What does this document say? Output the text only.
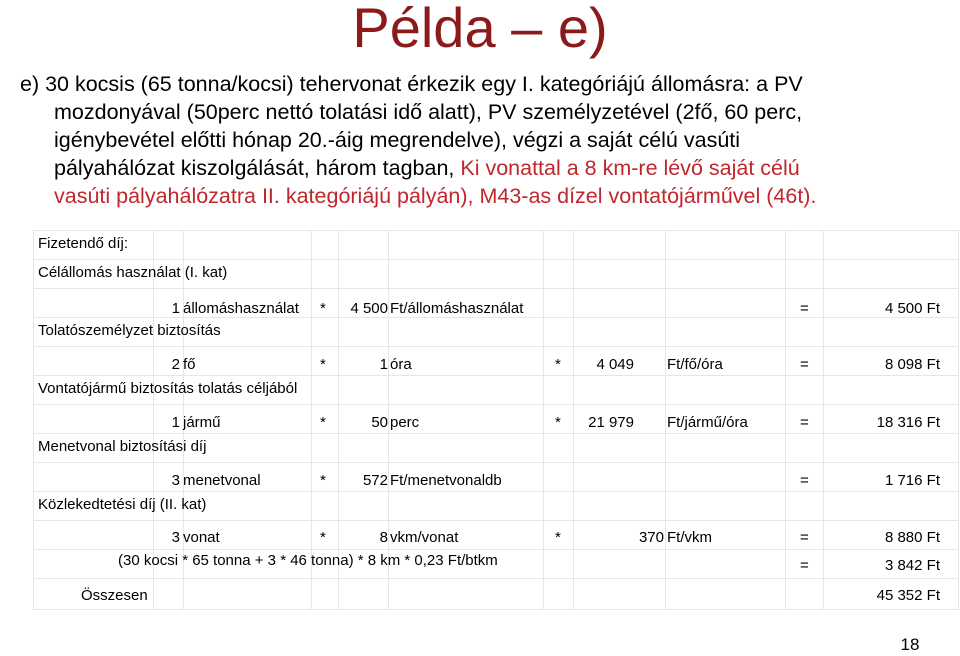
Példa – e)
e) 30 kocsis (65 tonna/kocsi) tehervonat érkezik egy I. kategóriájú állomásra: a PV
mozdonyával (50perc nettó tolatási idő alatt), PV személyzetével (2fő, 60 perc,
igénybevétel előtti hónap 20.-áig megrendelve), végzi a saját célú vasúti
pályahálózat kiszolgálását, három tagban, Ki vonattal a 8 km-re lévő saját célú
vasúti pályahálózatra II. kategóriájú pályán), M43-as dízel vontatójárművel (46t).
Fizetendő díj:
Célállomás használat (I. kat)
1 állomáshasználat *	4 500 Ft/állomáshasználat	=	4 500 Ft
Tolatószemélyzet biztosítás
2 fő	*	1 óra	*	4 049 Ft/fő/óra	=	8 098 Ft
Vontatójármű biztosítás tolatás céljából
1 jármű	*	50 perc	*	21 979 Ft/jármű/óra	=	18 316 Ft
Menetvonal biztosítási díj
3 menetvonal	*	572 Ft/menetvonaldb	=	1 716 Ft
Közlekedtetési díj (II. kat)
3 vonat	*	8 vkm/vonat	*	370 Ft/vkm	=	8 880 Ft
(30 kocsi * 65 tonna + 3 * 46 tonna) * 8 km * 0,23 Ft/btkm	=	3 842 Ft
Összesen	45 352 Ft
18
